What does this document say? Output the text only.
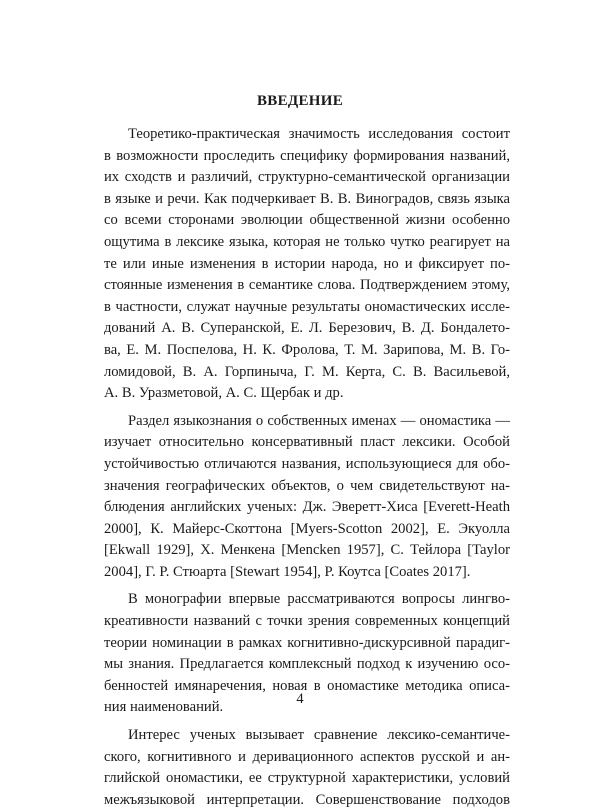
ВВЕДЕНИЕ
Теоретико-практическая значимость исследования состоит
в возможности проследить специфику формирования названий,
их сходств и различий, структурно-семантической организации
в языке и речи. Как подчеркивает В. В. Виноградов, связь языка
со всеми сторонами эволюции общественной жизни особенно
ощутима в лексике языка, которая не только чутко реагирует на
те или иные изменения в истории народа, но и фиксирует по-
стоянные изменения в семантике слова. Подтверждением этому,
в частности, служат научные результаты ономастических иссле-
дований А. В. Суперанской, Е. Л. Березович, В. Д. Бондалето-
ва, Е. М. Поспелова, Н. К. Фролова, Т. М. Зарипова, М. В. Го-
ломидовой, В. А. Горпиныча, Г. М. Керта, С. В. Васильевой,
А. В. Уразметовой, А. С. Щербак и др.
Раздел языкознания о собственных именах — ономастика —
изучает относительно консервативный пласт лексики. Особой
устойчивостью отличаются названия, использующиеся для обо-
значения географических объектов, о чем свидетельствуют на-
блюдения английских ученых: Дж. Эверетт-Хиса [Everett-Heath
2000], К. Майерс-Скоттона [Myers-Scotton 2002], Е. Экуолла
[Ekwall 1929], Х. Менкена [Mencken 1957], С. Тейлора [Taylor
2004], Г. Р. Стюарта [Stewart 1954], Р. Коутса [Coates 2017].
В монографии впервые рассматриваются вопросы лингво-
креативности названий с точки зрения современных концепций
теории номинации в рамках когнитивно-дискурсивной парадиг-
мы знания. Предлагается комплексный подход к изучению осо-
бенностей имянаречения, новая в ономастике методика описа-
ния наименований.
Интерес ученых вызывает сравнение лексико-семантиче-
ского, когнитивного и деривационного аспектов русской и ан-
глийской ономастики, ее структурной характеристики, условий
межъязыковой интерпретации. Совершенствование подходов
4
